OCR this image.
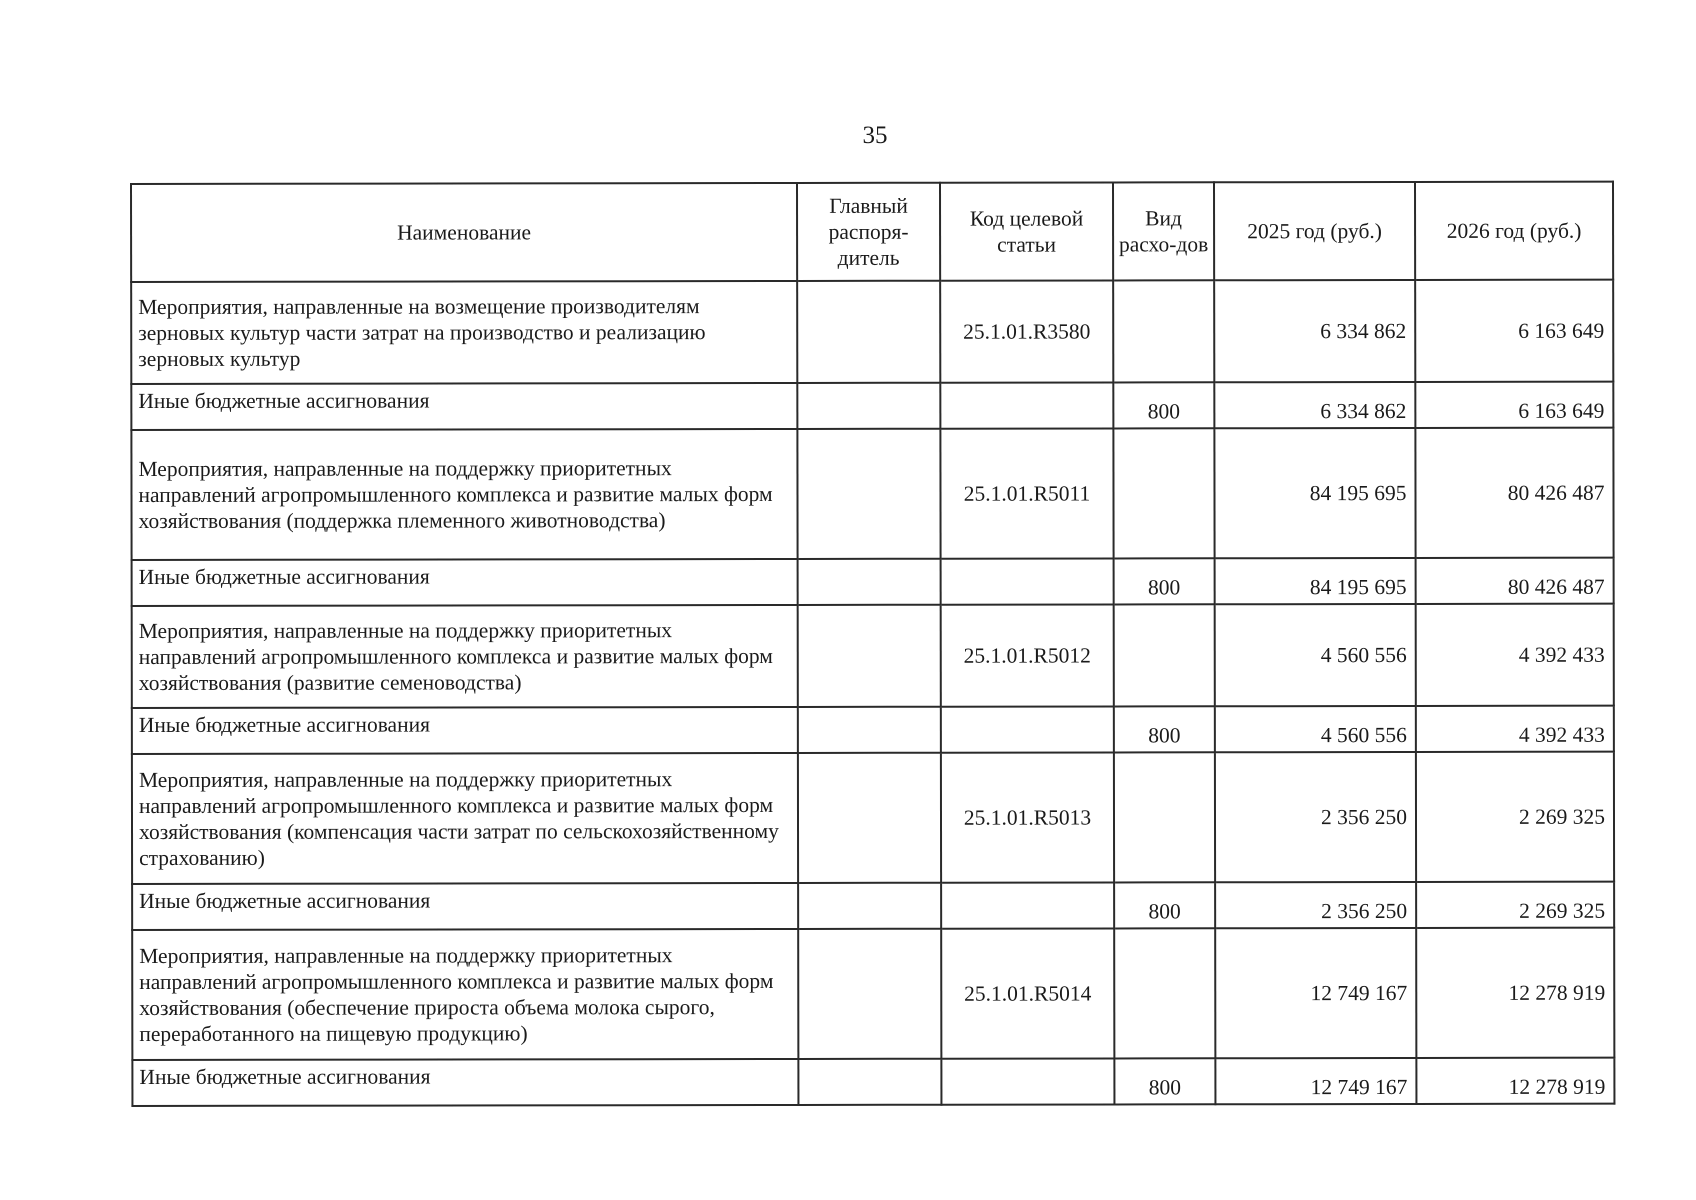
35
Наименование	Главный распоря-дитель	Код целевой статьи	Вид расхо-дов	2025 год (руб.)	2026 год (руб.)
Мероприятия, направленные на возмещение производителям зерновых культур части затрат на производство и реализацию зерновых культур		25.1.01.R3580		6 334 862	6 163 649
Иные бюджетные ассигнования			800	6 334 862	6 163 649
Мероприятия, направленные на поддержку приоритетных направлений агропромышленного комплекса и развитие малых форм хозяйствования (поддержка племенного животноводства)		25.1.01.R5011		84 195 695	80 426 487
Иные бюджетные ассигнования			800	84 195 695	80 426 487
Мероприятия, направленные на поддержку приоритетных направлений агропромышленного комплекса и развитие малых форм хозяйствования (развитие семеноводства)		25.1.01.R5012		4 560 556	4 392 433
Иные бюджетные ассигнования			800	4 560 556	4 392 433
Мероприятия, направленные на поддержку приоритетных направлений агропромышленного комплекса и развитие малых форм хозяйствования (компенсация части затрат по сельскохозяйственному страхованию)		25.1.01.R5013		2 356 250	2 269 325
Иные бюджетные ассигнования			800	2 356 250	2 269 325
Мероприятия, направленные на поддержку приоритетных направлений агропромышленного комплекса и развитие малых форм хозяйствования (обеспечение прироста объема молока сырого, переработанного на пищевую продукцию)		25.1.01.R5014		12 749 167	12 278 919
Иные бюджетные ассигнования			800	12 749 167	12 278 919
